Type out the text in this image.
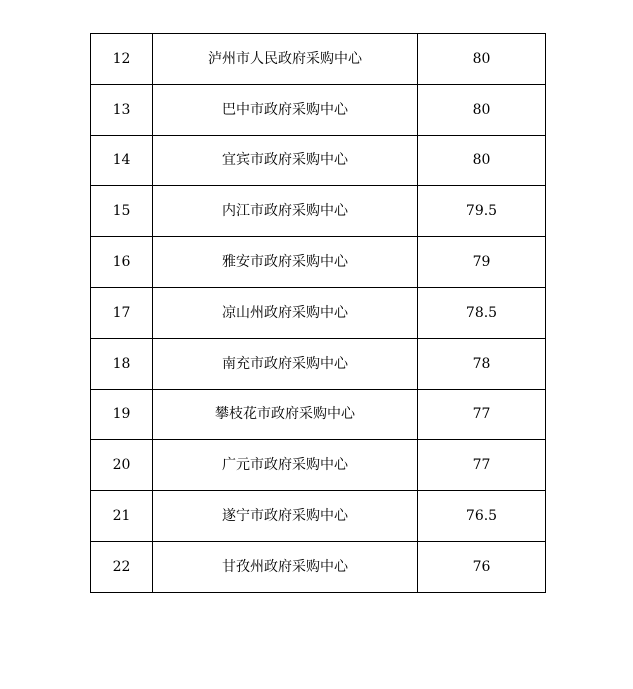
12	泸州市人民政府采购中心	80
13	巴中市政府采购中心	80
14	宜宾市政府采购中心	80
15	内江市政府采购中心	79.5
16	雅安市政府采购中心	79
17	凉山州政府采购中心	78.5
18	南充市政府采购中心	78
19	攀枝花市政府采购中心	77
20	广元市政府采购中心	77
21	遂宁市政府采购中心	76.5
22	甘孜州政府采购中心	76
